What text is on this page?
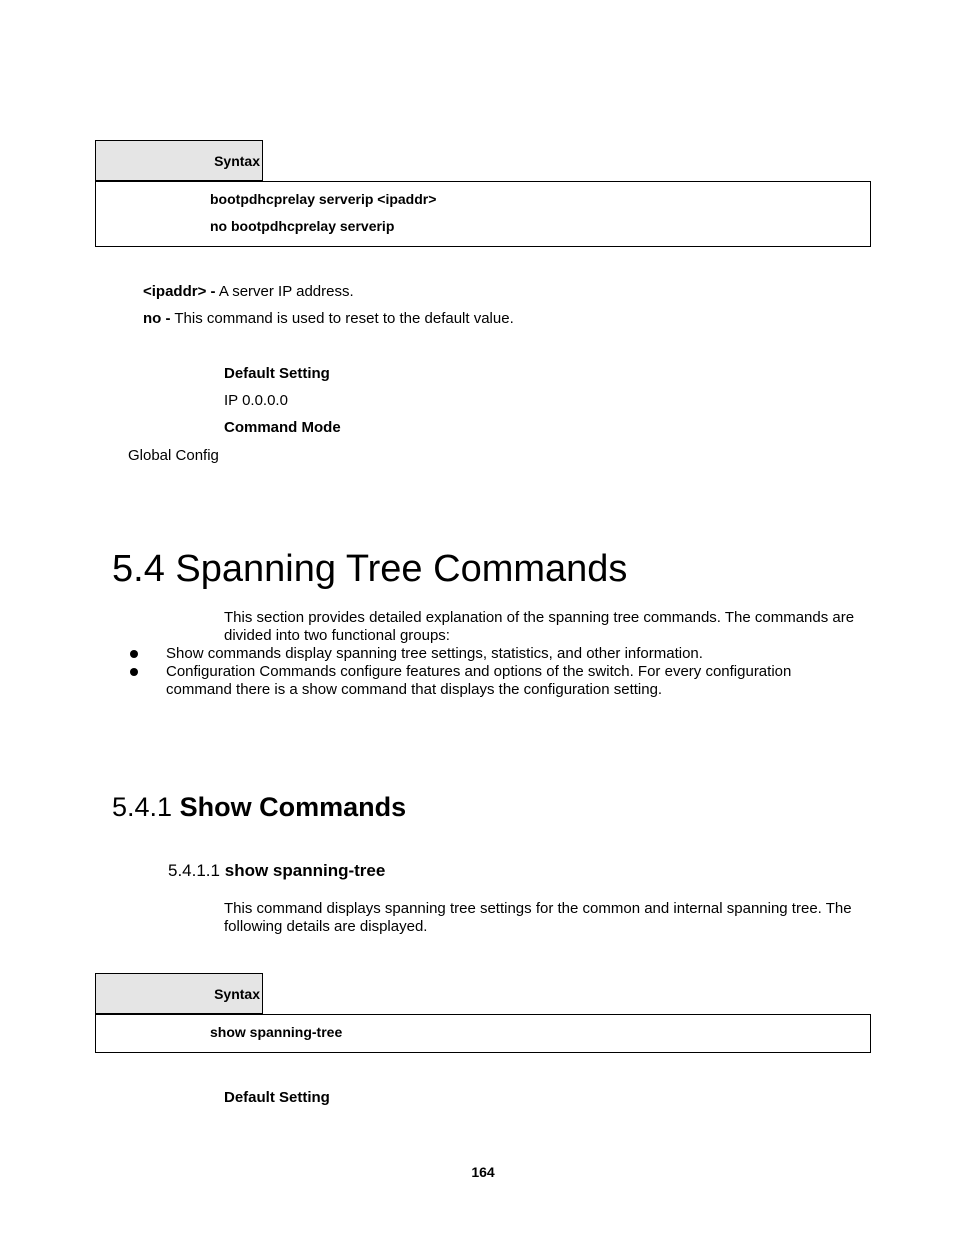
Syntax
bootpdhcprelay serverip <ipaddr>
no bootpdhcprelay serverip
<ipaddr> - A server IP address.
no - This command is used to reset to the default value.
Default Setting
IP 0.0.0.0
Command Mode
Global Config
5.4 Spanning Tree Commands
This section provides detailed explanation of the spanning tree commands. The commands are divided into two functional groups:
Show commands display spanning tree settings, statistics, and other information.
Configuration Commands configure features and options of the switch. For every configuration command there is a show command that displays the configuration setting.
5.4.1 Show Commands
5.4.1.1 show spanning-tree
This command displays spanning tree settings for the common and internal spanning tree. The following details are displayed.
Syntax
show spanning-tree
Default Setting
164
